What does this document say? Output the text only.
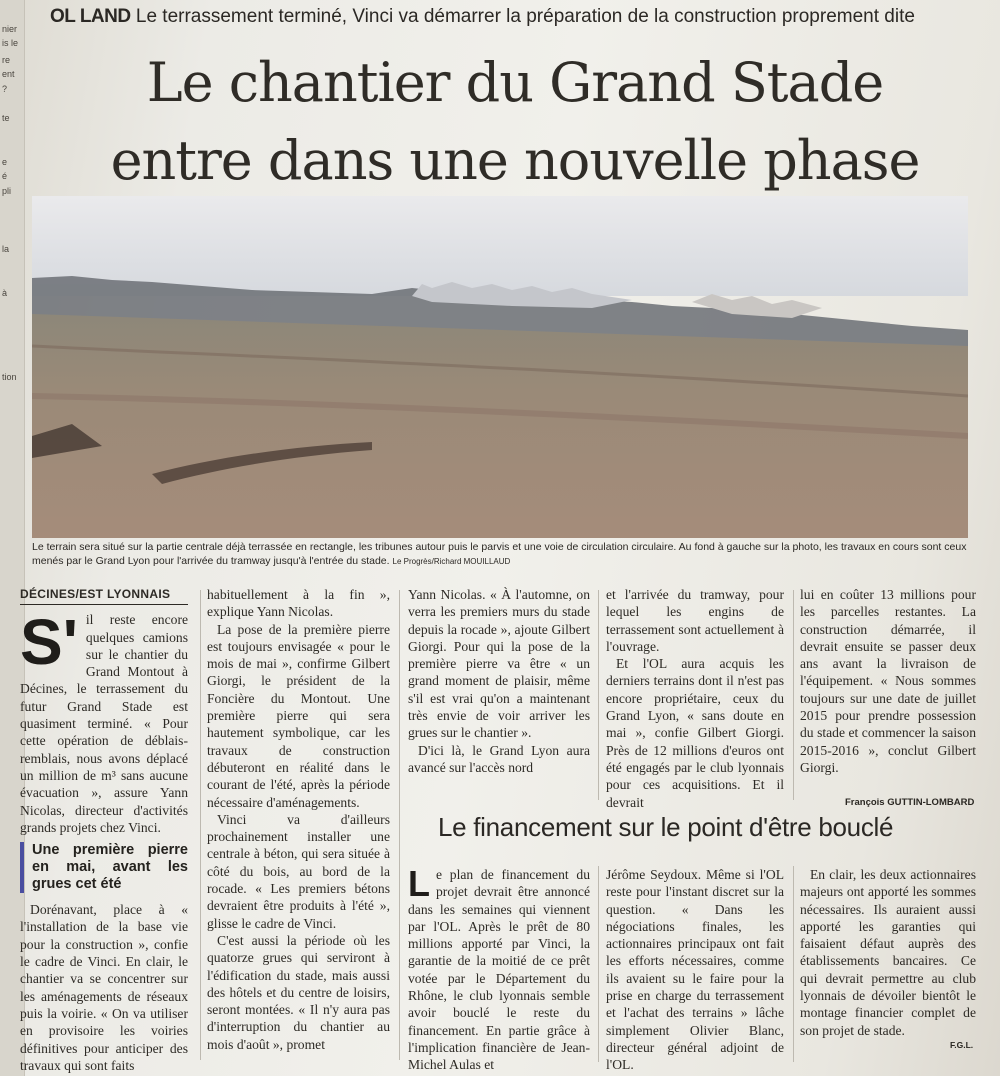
nier
is le
re
ent
?
te
e
é
pli
la
à
tion
OL LAND Le terrassement terminé, Vinci va démarrer la préparation de la construction proprement dite
Le chantier du Grand Stade
entre dans une nouvelle phase
Le terrain sera situé sur la partie centrale déjà terrassée en rectangle, les tribunes autour puis le parvis et une voie de circulation circulaire. Au fond à gauche sur la photo, les travaux en cours sont ceux menés par le Grand Lyon pour l'arrivée du tramway jusqu'à l'entrée du stade. Le Progrès/Richard MOUILLAUD
DÉCINES/EST LYONNAIS

S' il reste encore quelques camions sur le chantier du Grand Montout à Décines, le terrassement du futur Grand Stade est quasiment terminé. « Pour cette opération de déblais-remblais, nous avons déplacé un million de m³ sans aucune évacuation », assure Yann Nicolas, directeur d'activités grands projets chez Vinci.

Une première pierre en mai, avant les grues cet été

Dorénavant, place à « l'installation de la base vie pour la construction », confie le cadre de Vinci. En clair, le chantier va se concentrer sur les aménagements de réseaux puis la voirie. « On va utiliser en provisoire les voiries définitives pour anticiper des travaux qui sont faits

habituellement à la fin », explique Yann Nicolas.

La pose de la première pierre est toujours envisagée « pour le mois de mai », confirme Gilbert Giorgi, le président de la Foncière du Montout. Une première pierre qui sera hautement symbolique, car les travaux de construction débuteront en réalité dans le courant de l'été, après la période nécessaire d'aménagements.

Vinci va d'ailleurs prochainement installer une centrale à béton, qui sera située à côté du bois, au bord de la rocade. « Les premiers bétons devraient être produits à l'été », glisse le cadre de Vinci.

C'est aussi la période où les quatorze grues qui serviront à l'édification du stade, mais aussi des hôtels et du centre de loisirs, seront montées. « Il n'y aura pas d'interruption du chantier au mois d'août », promet

Yann Nicolas. « À l'automne, on verra les premiers murs du stade depuis la rocade », ajoute Gilbert Giorgi. Pour qui la pose de la première pierre va être « un grand moment de plaisir, même s'il est vrai qu'on a maintenant très envie de voir arriver les grues sur le chantier ».

D'ici là, le Grand Lyon aura avancé sur l'accès nord

et l'arrivée du tramway, pour lequel les engins de terrassement sont actuellement à l'ouvrage.

Et l'OL aura acquis les derniers terrains dont il n'est pas encore propriétaire, ceux du Grand Lyon, « sans doute en mai », confie Gilbert Giorgi. Près de 12 millions d'euros ont été engagés par le club lyonnais pour ces acquisitions. Et il devrait

lui en coûter 13 millions pour les parcelles restantes. La construction démarrée, il devrait ensuite se passer deux ans avant la livraison de l'équipement. « Nous sommes toujours sur une date de juillet 2015 pour prendre possession du stade et commencer la saison 2015-2016 », conclut Gilbert Giorgi.

François GUTTIN-LOMBARD
Le financement sur le point d'être bouclé

Le plan de financement du projet devrait être annoncé dans les semaines qui viennent par l'OL. Après le prêt de 80 millions apporté par Vinci, la garantie de la moitié de ce prêt votée par le Département du Rhône, le club lyonnais semble avoir bouclé le reste du financement. En partie grâce à l'implication financière de Jean-Michel Aulas et

Jérôme Seydoux. Même si l'OL reste pour l'instant discret sur la question. « Dans les négociations finales, les actionnaires principaux ont fait les efforts nécessaires, comme ils avaient su le faire pour la prise en charge du terrassement et l'achat des terrains » lâche simplement Olivier Blanc, directeur général adjoint de l'OL.

En clair, les deux actionnaires majeurs ont apporté les sommes nécessaires. Ils auraient aussi apporté les garanties qui faisaient défaut auprès des établissements bancaires. Ce qui devrait permettre au club lyonnais de dévoiler bientôt le montage financier complet de son projet de stade.

F.G.L.
